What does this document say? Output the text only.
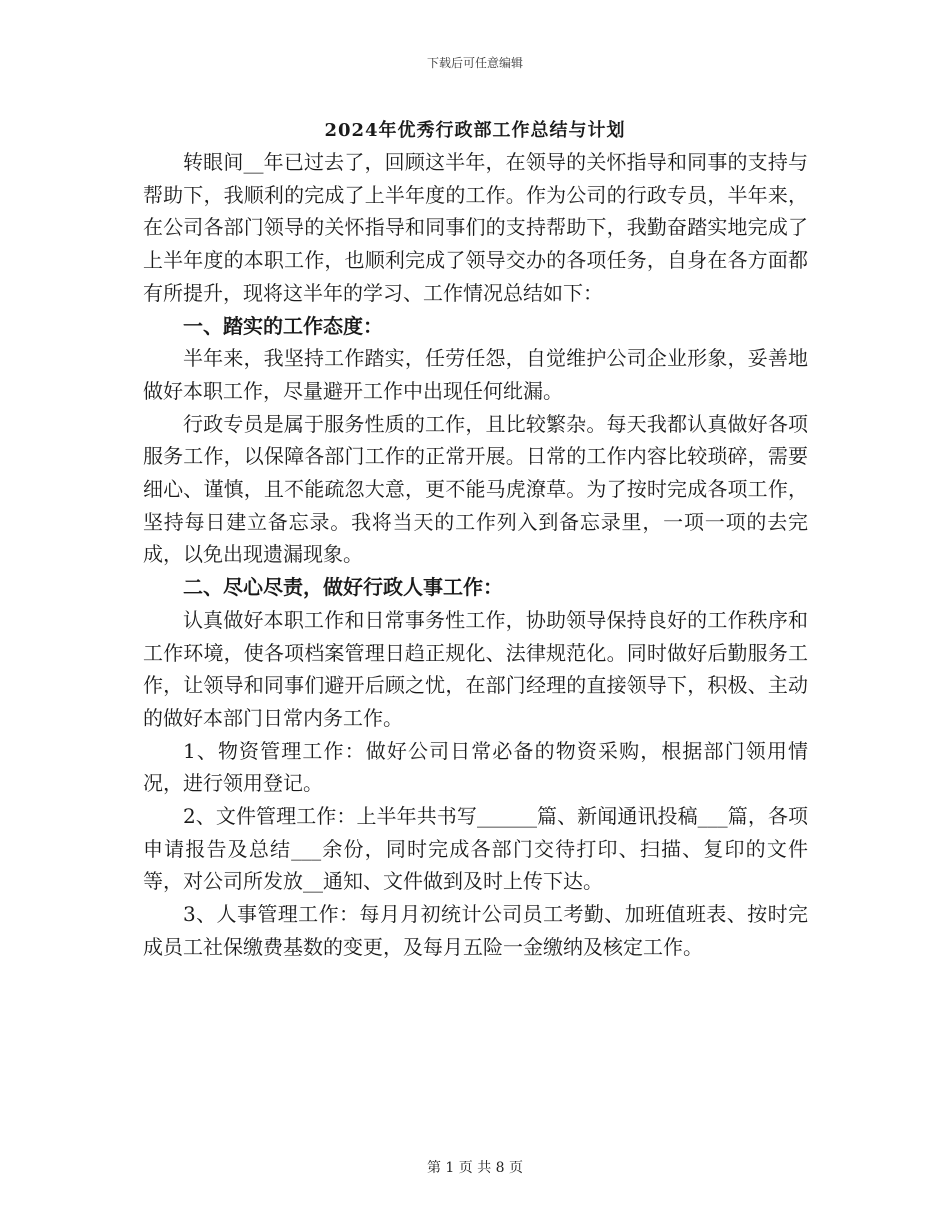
下载后可任意编辑
2024年优秀行政部工作总结与计划

转眼间__年已过去了，回顾这半年，在领导的关怀指导和同事的支持与帮助下，我顺利的完成了上半年度的工作。作为公司的行政专员，半年来，在公司各部门领导的关怀指导和同事们的支持帮助下，我勤奋踏实地完成了上半年度的本职工作，也顺利完成了领导交办的各项任务，自身在各方面都有所提升，现将这半年的学习、工作情况总结如下：

一、踏实的工作态度：

半年来，我坚持工作踏实，任劳任怨，自觉维护公司企业形象，妥善地做好本职工作，尽量避开工作中出现任何纰漏。

行政专员是属于服务性质的工作，且比较繁杂。每天我都认真做好各项服务工作，以保障各部门工作的正常开展。日常的工作内容比较琐碎，需要细心、谨慎，且不能疏忽大意，更不能马虎潦草。为了按时完成各项工作，坚持每日建立备忘录。我将当天的工作列入到备忘录里，一项一项的去完成，以免出现遗漏现象。

二、尽心尽责，做好行政人事工作：

认真做好本职工作和日常事务性工作，协助领导保持良好的工作秩序和工作环境，使各项档案管理日趋正规化、法律规范化。同时做好后勤服务工作，让领导和同事们避开后顾之忧，在部门经理的直接领导下，积极、主动的做好本部门日常内务工作。

1、物资管理工作：做好公司日常必备的物资采购，根据部门领用情况，进行领用登记。

2、文件管理工作：上半年共书写______篇、新闻通讯投稿___篇，各项申请报告及总结___余份，同时完成各部门交待打印、扫描、复印的文件等，对公司所发放__通知、文件做到及时上传下达。

3、人事管理工作：每月月初统计公司员工考勤、加班值班表、按时完成员工社保缴费基数的变更，及每月五险一金缴纳及核定工作。

第 1 页 共 8 页
